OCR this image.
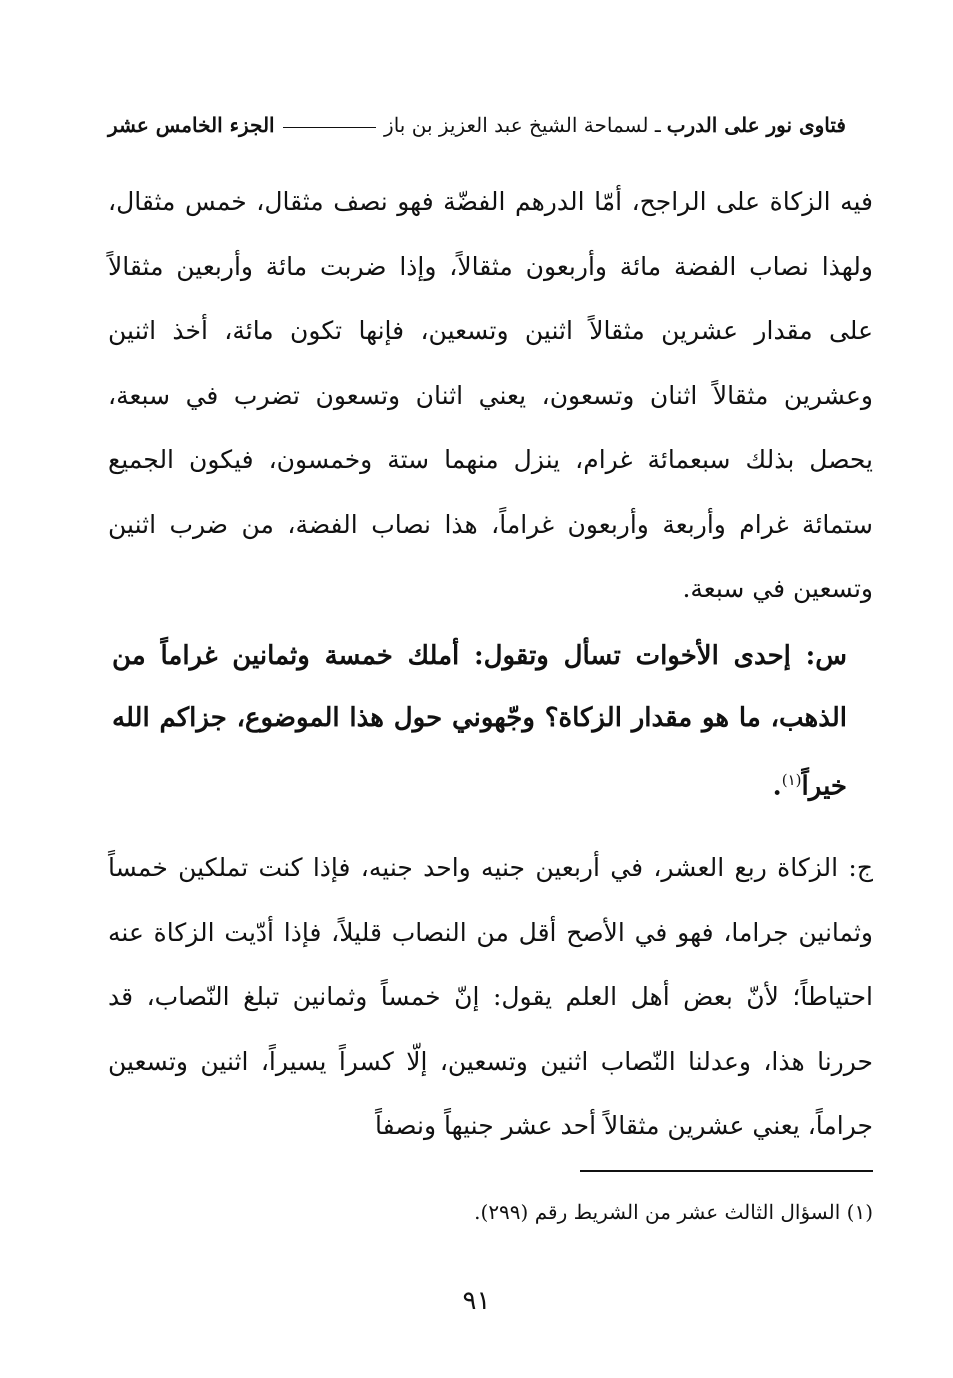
فتاوى نور على الدرب
ـ لسماحة الشيخ عبد العزيز بن باز
الجزء الخامس عشر
فيه الزكاة على الراجح، أمّا الدرهم الفضّة فهو نصف مثقال، خمس مثقال، ولهذا نصاب الفضة مائة وأربعون مثقالاً، وإذا ضربت مائة وأربعين مثقالاً على مقدار عشرين مثقالاً اثنين وتسعين، فإنها تكون مائة، أخذ اثنين وعشرين مثقالاً اثنان وتسعون، يعني اثنان وتسعون تضرب في سبعة، يحصل بذلك سبعمائة غرام، ينزل منهما ستة وخمسون، فيكون الجميع ستمائة غرام وأربعة وأربعون غراماً، هذا نصاب الفضة، من ضرب اثنين وتسعين في سبعة.
س: إحدى الأخوات تسأل وتقول: أملك خمسة وثمانين غراماً من الذهب، ما هو مقدار الزكاة؟ وجّهوني حول هذا الموضوع، جزاكم الله خيراً$^{(١)}$.
ج: الزكاة ربع العشر، في أربعين جنيه واحد جنيه، فإذا كنت تملكين خمساً وثمانين جراما، فهو في الأصح أقل من النصاب قليلاً، فإذا أدّيت الزكاة عنه احتياطاً؛ لأنّ بعض أهل العلم يقول: إنّ خمساً وثمانين تبلغ النّصاب، قد حررنا هذا، وعدلنا النّصاب اثنين وتسعين، إلّا كسراً يسيراً، اثنين وتسعين جراماً، يعني عشرين مثقالاً أحد عشر جنيهاً ونصفاً
(١) السؤال الثالث عشر من الشريط رقم (٢٩٩).
٩١
